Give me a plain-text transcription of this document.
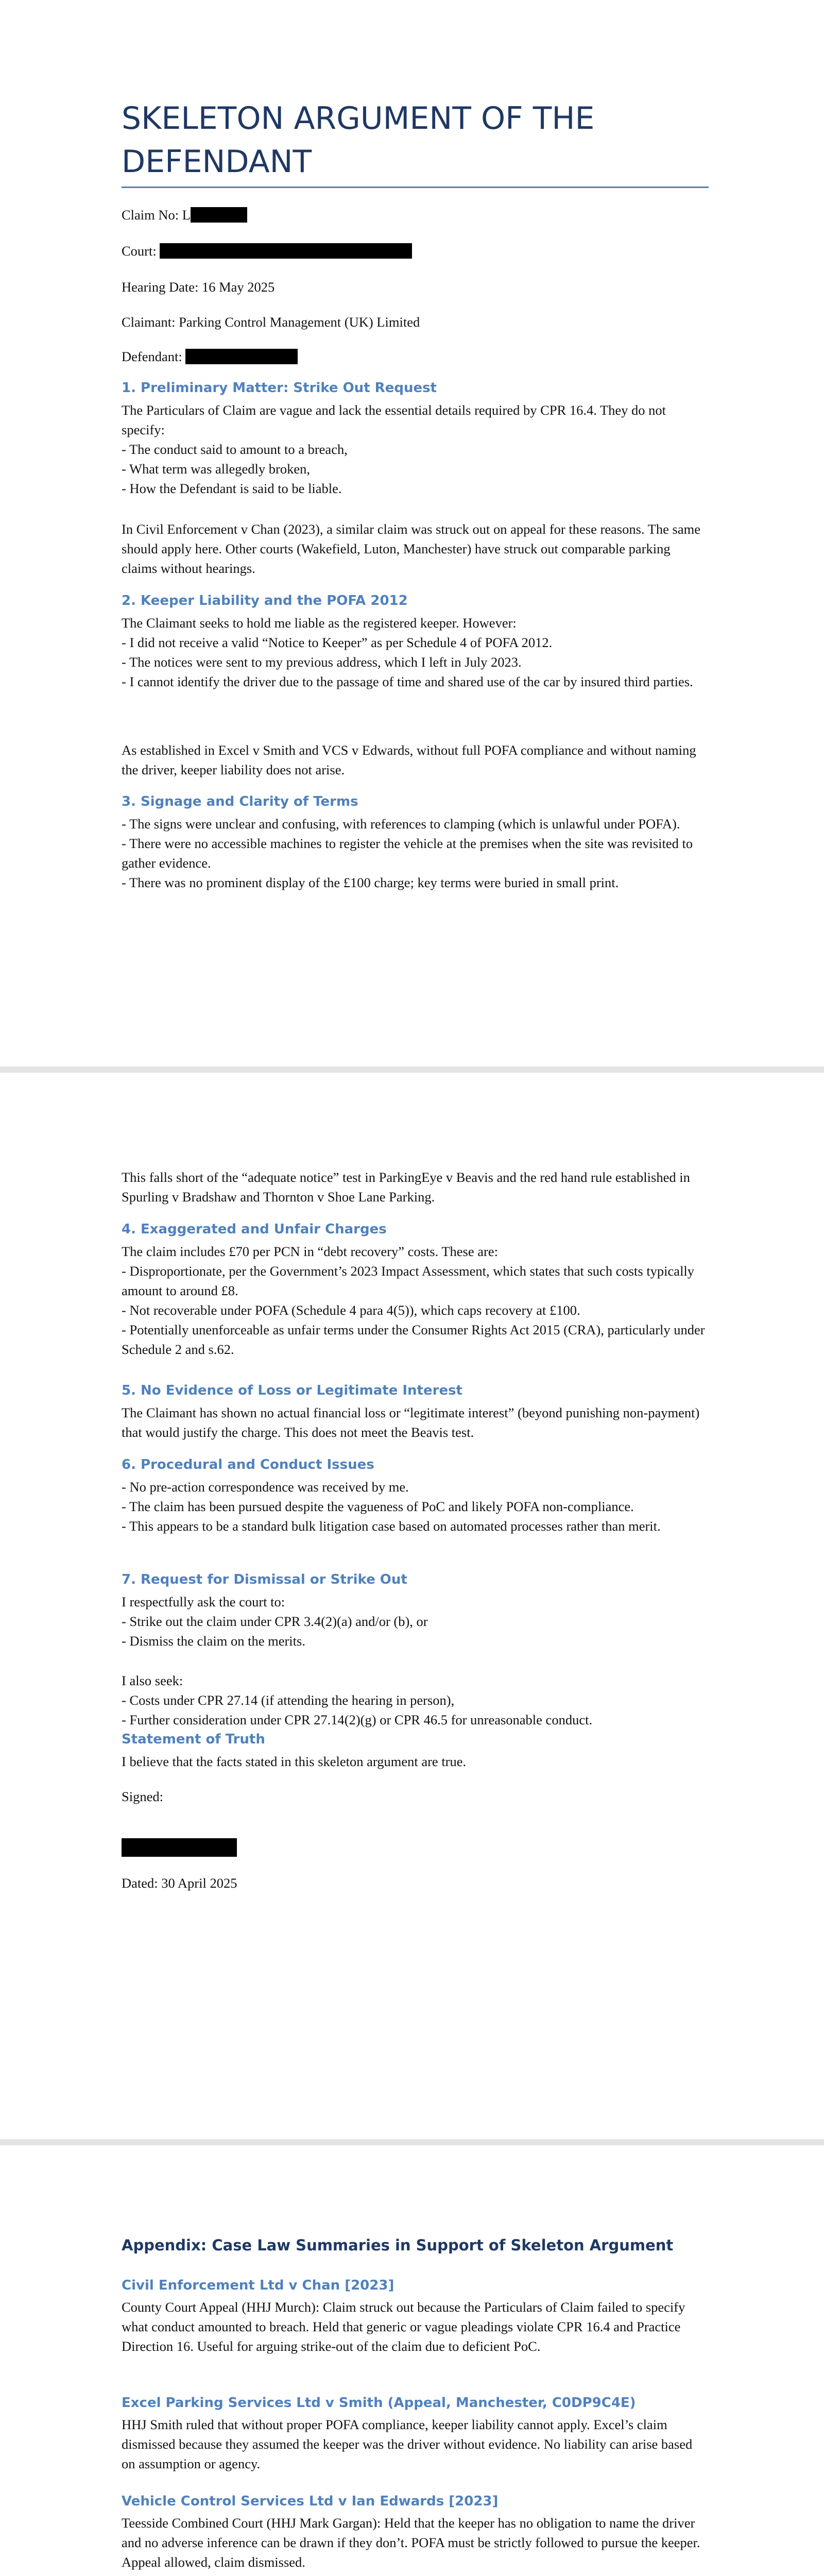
SKELETON ARGUMENT OF THE DEFENDANT
Claim No: L
Court:
Hearing Date: 16 May 2025
Claimant: Parking Control Management (UK) Limited
Defendant:
1. Preliminary Matter: Strike Out Request
The Particulars of Claim are vague and lack the essential details required by CPR 16.4. They do not specify:
- The conduct said to amount to a breach,
- What term was allegedly broken,
- How the Defendant is said to be liable.
In Civil Enforcement v Chan (2023), a similar claim was struck out on appeal for these reasons. The same should apply here. Other courts (Wakefield, Luton, Manchester) have struck out comparable parking claims without hearings.
2. Keeper Liability and the POFA 2012
The Claimant seeks to hold me liable as the registered keeper. However:
- I did not receive a valid “Notice to Keeper” as per Schedule 4 of POFA 2012.
- The notices were sent to my previous address, which I left in July 2023.
- I cannot identify the driver due to the passage of time and shared use of the car by insured third parties.
As established in Excel v Smith and VCS v Edwards, without full POFA compliance and without naming the driver, keeper liability does not arise.
3. Signage and Clarity of Terms
- The signs were unclear and confusing, with references to clamping (which is unlawful under POFA).
- There were no accessible machines to register the vehicle at the premises when the site was revisited to gather evidence.
- There was no prominent display of the £100 charge; key terms were buried in small print.
This falls short of the “adequate notice” test in ParkingEye v Beavis and the red hand rule established in Spurling v Bradshaw and Thornton v Shoe Lane Parking.
4. Exaggerated and Unfair Charges
The claim includes £70 per PCN in “debt recovery” costs. These are:
- Disproportionate, per the Government’s 2023 Impact Assessment, which states that such costs typically amount to around £8.
- Not recoverable under POFA (Schedule 4 para 4(5)), which caps recovery at £100.
- Potentially unenforceable as unfair terms under the Consumer Rights Act 2015 (CRA), particularly under Schedule 2 and s.62.
5. No Evidence of Loss or Legitimate Interest
The Claimant has shown no actual financial loss or “legitimate interest” (beyond punishing non-payment) that would justify the charge. This does not meet the Beavis test.
6. Procedural and Conduct Issues
- No pre-action correspondence was received by me.
- The claim has been pursued despite the vagueness of PoC and likely POFA non-compliance.
- This appears to be a standard bulk litigation case based on automated processes rather than merit.
7. Request for Dismissal or Strike Out
I respectfully ask the court to:
- Strike out the claim under CPR 3.4(2)(a) and/or (b), or
- Dismiss the claim on the merits.
I also seek:
- Costs under CPR 27.14 (if attending the hearing in person),
- Further consideration under CPR 27.14(2)(g) or CPR 46.5 for unreasonable conduct.
Statement of Truth
I believe that the facts stated in this skeleton argument are true.
Signed:
Dated: 30 April 2025
Appendix: Case Law Summaries in Support of Skeleton Argument
Civil Enforcement Ltd v Chan [2023]
County Court Appeal (HHJ Murch): Claim struck out because the Particulars of Claim failed to specify what conduct amounted to breach. Held that generic or vague pleadings violate CPR 16.4 and Practice Direction 16. Useful for arguing strike-out of the claim due to deficient PoC.
Excel Parking Services Ltd v Smith (Appeal, Manchester, C0DP9C4E)
HHJ Smith ruled that without proper POFA compliance, keeper liability cannot apply. Excel’s claim dismissed because they assumed the keeper was the driver without evidence. No liability can arise based on assumption or agency.
Vehicle Control Services Ltd v Ian Edwards [2023]
Teesside Combined Court (HHJ Mark Gargan): Held that the keeper has no obligation to name the driver and no adverse inference can be drawn if they don’t. POFA must be strictly followed to pursue the keeper. Appeal allowed, claim dismissed.
